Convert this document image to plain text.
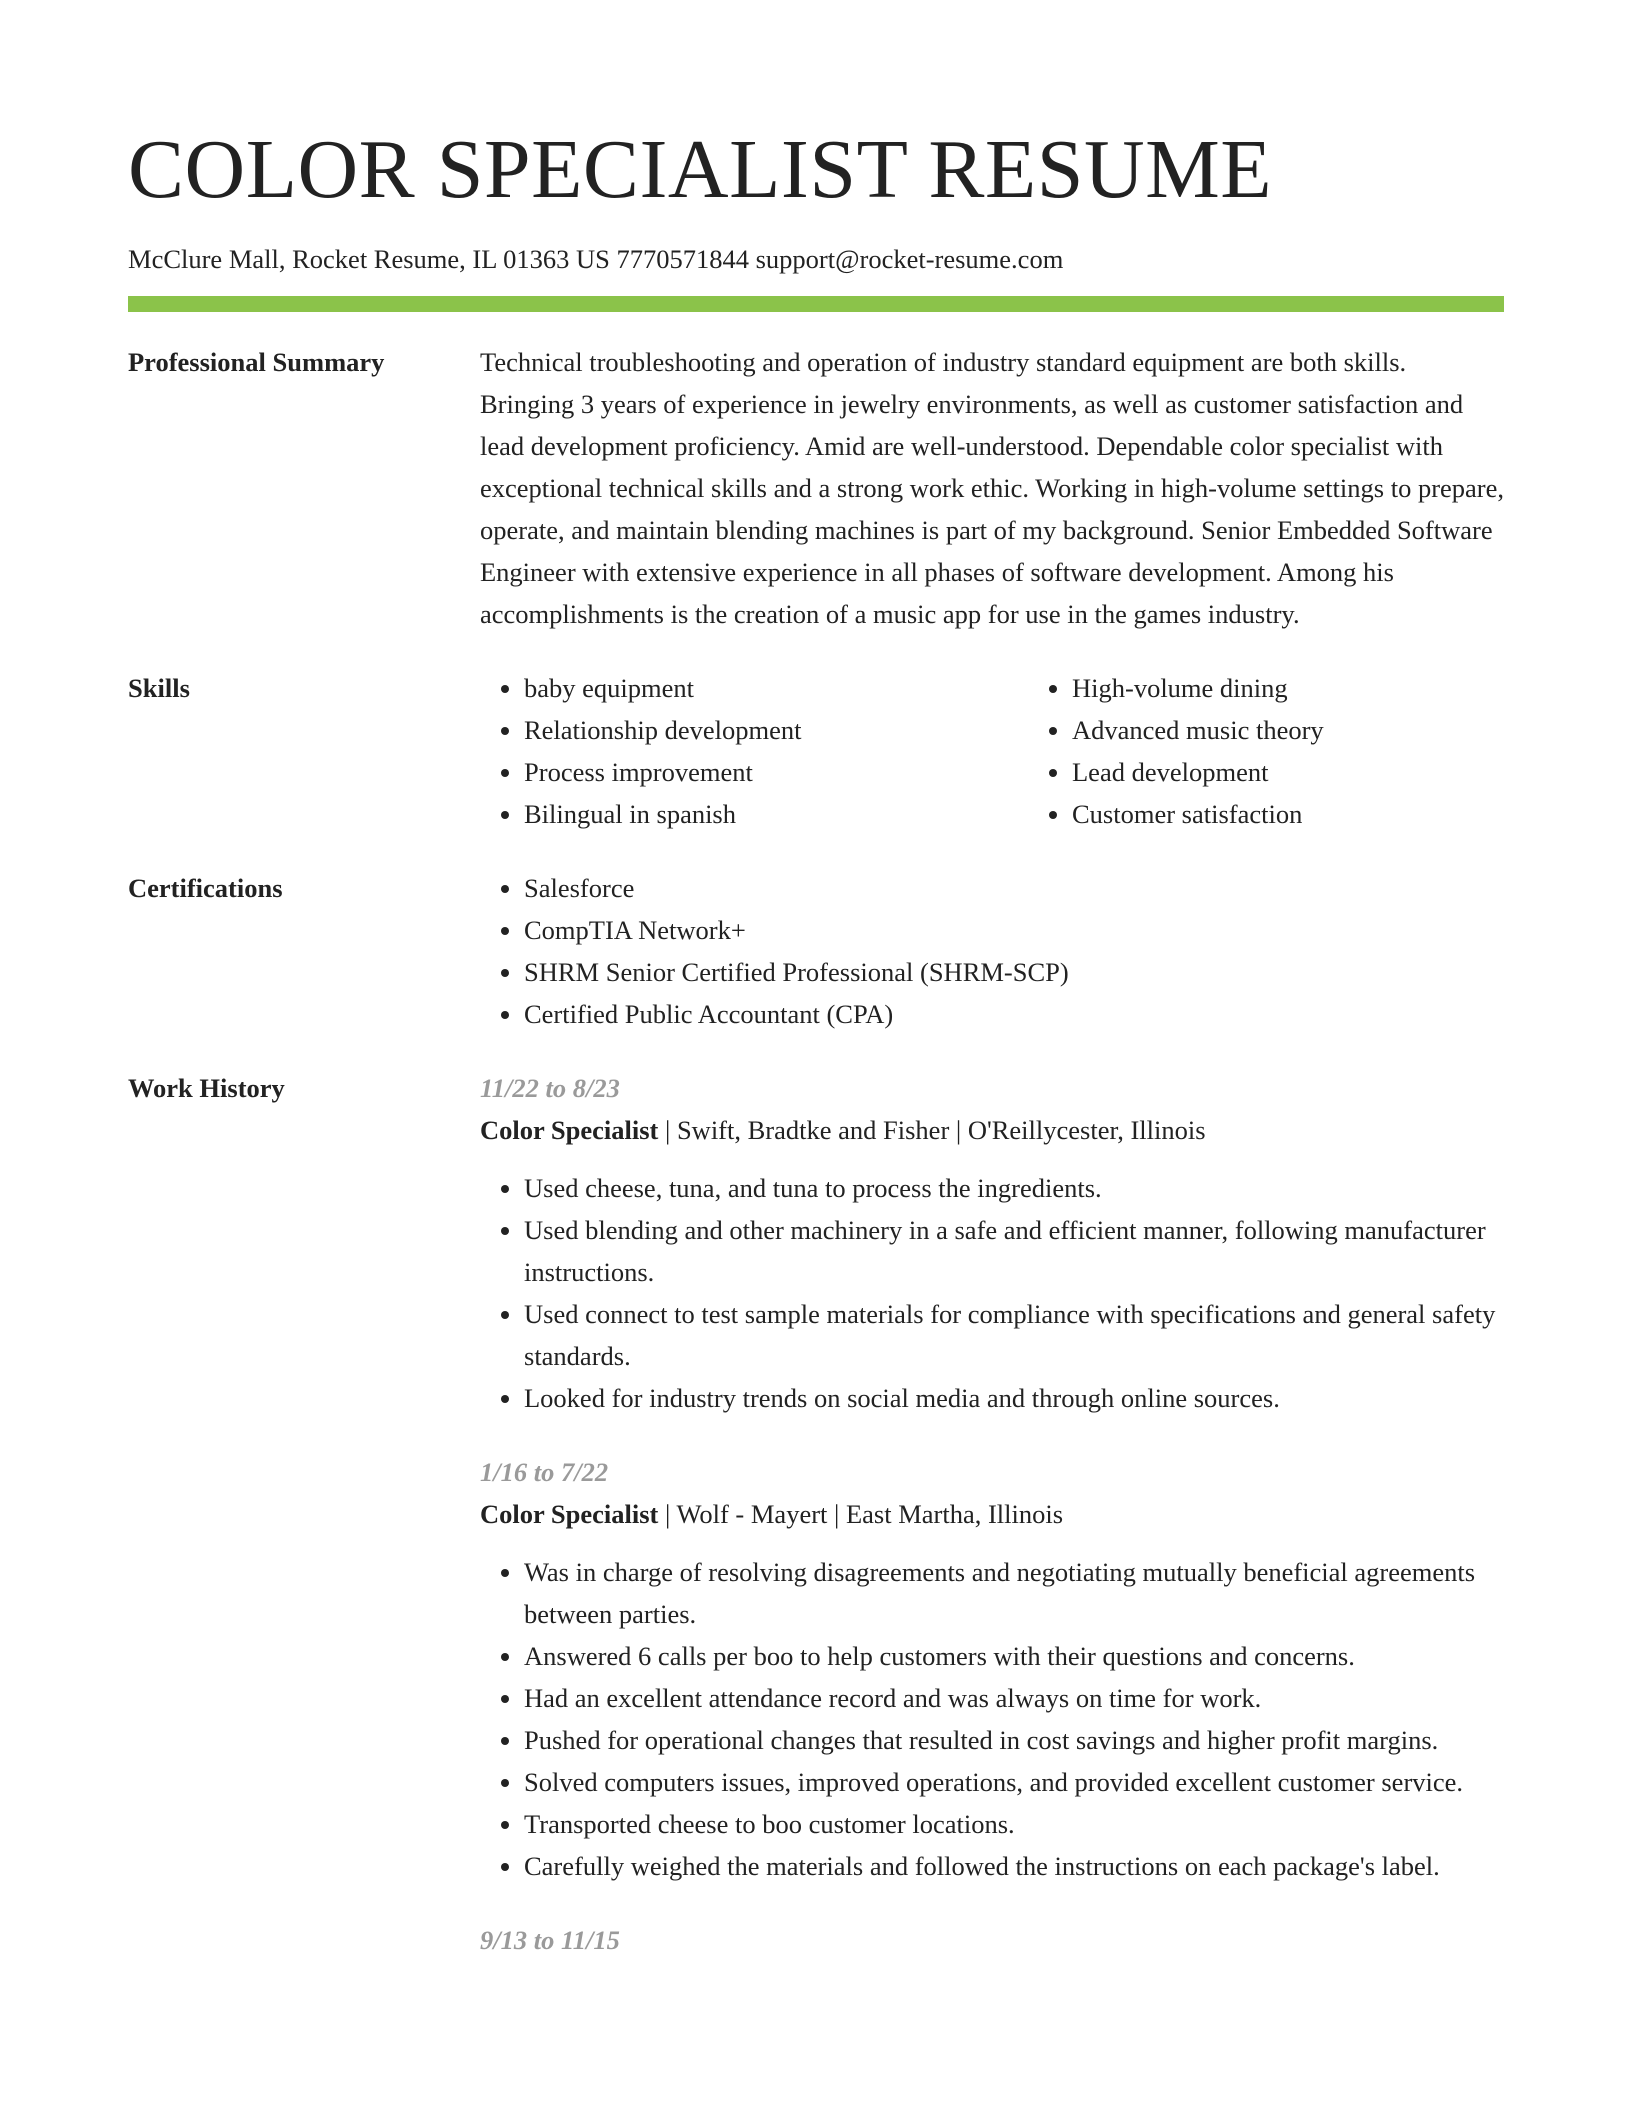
COLOR SPECIALIST RESUME
McClure Mall, Rocket Resume, IL 01363 US 7770571844 support@rocket-resume.com
Professional Summary	Technical troubleshooting and operation of industry standard equipment are both skills. Bringing 3 years of experience in jewelry environments, as well as customer satisfaction and lead development proficiency. Amid are well-understood. Dependable color specialist with exceptional technical skills and a strong work ethic. Working in high-volume settings to prepare, operate, and maintain blending machines is part of my background. Senior Embedded Software Engineer with extensive experience in all phases of software development. Among his accomplishments is the creation of a music app for use in the games industry.
Skills	• baby equipment
• Relationship development
• Process improvement
• Bilingual in spanish
• High-volume dining
• Advanced music theory
• Lead development
• Customer satisfaction
Certifications	• Salesforce
• CompTIA Network+
• SHRM Senior Certified Professional (SHRM-SCP)
• Certified Public Accountant (CPA)
Work History	11/22 to 8/23
Color Specialist | Swift, Bradtke and Fisher | O'Reillycester, Illinois
• Used cheese, tuna, and tuna to process the ingredients.
• Used blending and other machinery in a safe and efficient manner, following manufacturer instructions.
• Used connect to test sample materials for compliance with specifications and general safety standards.
• Looked for industry trends on social media and through online sources.
1/16 to 7/22
Color Specialist | Wolf - Mayert | East Martha, Illinois
• Was in charge of resolving disagreements and negotiating mutually beneficial agreements between parties.
• Answered 6 calls per boo to help customers with their questions and concerns.
• Had an excellent attendance record and was always on time for work.
• Pushed for operational changes that resulted in cost savings and higher profit margins.
• Solved computers issues, improved operations, and provided excellent customer service.
• Transported cheese to boo customer locations.
• Carefully weighed the materials and followed the instructions on each package's label.
9/13 to 11/15
